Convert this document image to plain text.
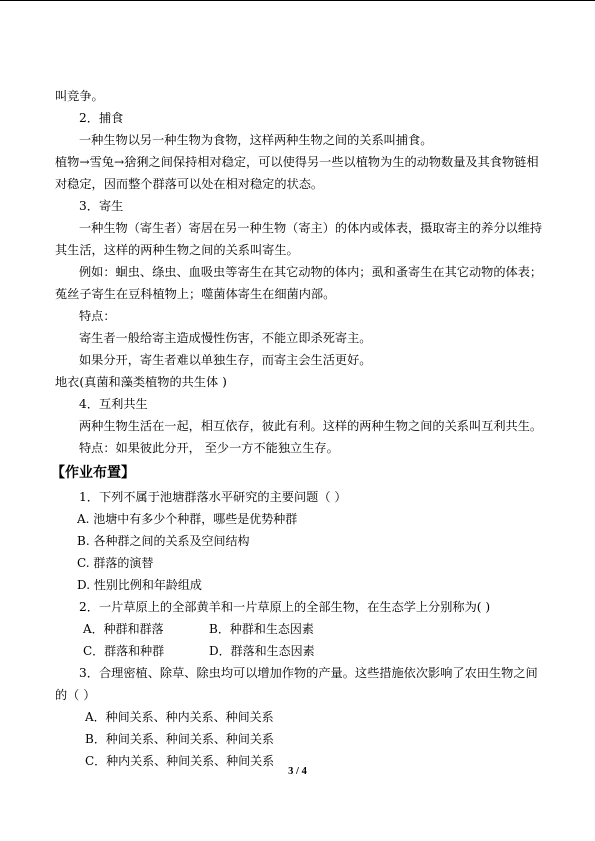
叫竞争。

2．捕食

一种生物以另一种生物为食物，这样两种生物之间的关系叫捕食。

植物→雪兔→猞猁之间保持相对稳定，可以使得另一些以植物为生的动物数量及其食物链相对稳定，因而整个群落可以处在相对稳定的状态。

3．寄生

一种生物（寄生者）寄居在另一种生物（寄主）的体内或体表，摄取寄主的养分以维持其生活，这样的两种生物之间的关系叫寄生。

例如：蛔虫、绦虫、血吸虫等寄生在其它动物的体内；虱和蚤寄生在其它动物的体表；菟丝子寄生在豆科植物上；噬菌体寄生在细菌内部。

特点：

寄生者一般给寄主造成慢性伤害，不能立即杀死寄主。

如果分开，寄生者难以单独生存，而寄主会生活更好。

地衣(真菌和藻类植物的共生体 )

4．互利共生

两种生物生活在一起，相互依存，彼此有利。这样的两种生物之间的关系叫互利共生。

特点：如果彼此分开， 至少一方不能独立生存。

【作业布置】

1．下列不属于池塘群落水平研究的主要问题（ ）

A. 池塘中有多少个种群，哪些是优势种群

B. 各种群之间的关系及空间结构

C. 群落的演替

D. 性别比例和年龄组成

2．一片草原上的全部黄羊和一片草原上的全部生物，在生态学上分别称为( )

A．种群和群落	B．种群和生态因素
C．群落和种群	D．群落和生态因素

3．合理密植、除草、除虫均可以增加作物的产量。这些措施依次影响了农田生物之间的（ ）

A．种间关系、种内关系、种间关系

B．种间关系、种间关系、种间关系

C．种内关系、种间关系、种间关系

3 / 4
